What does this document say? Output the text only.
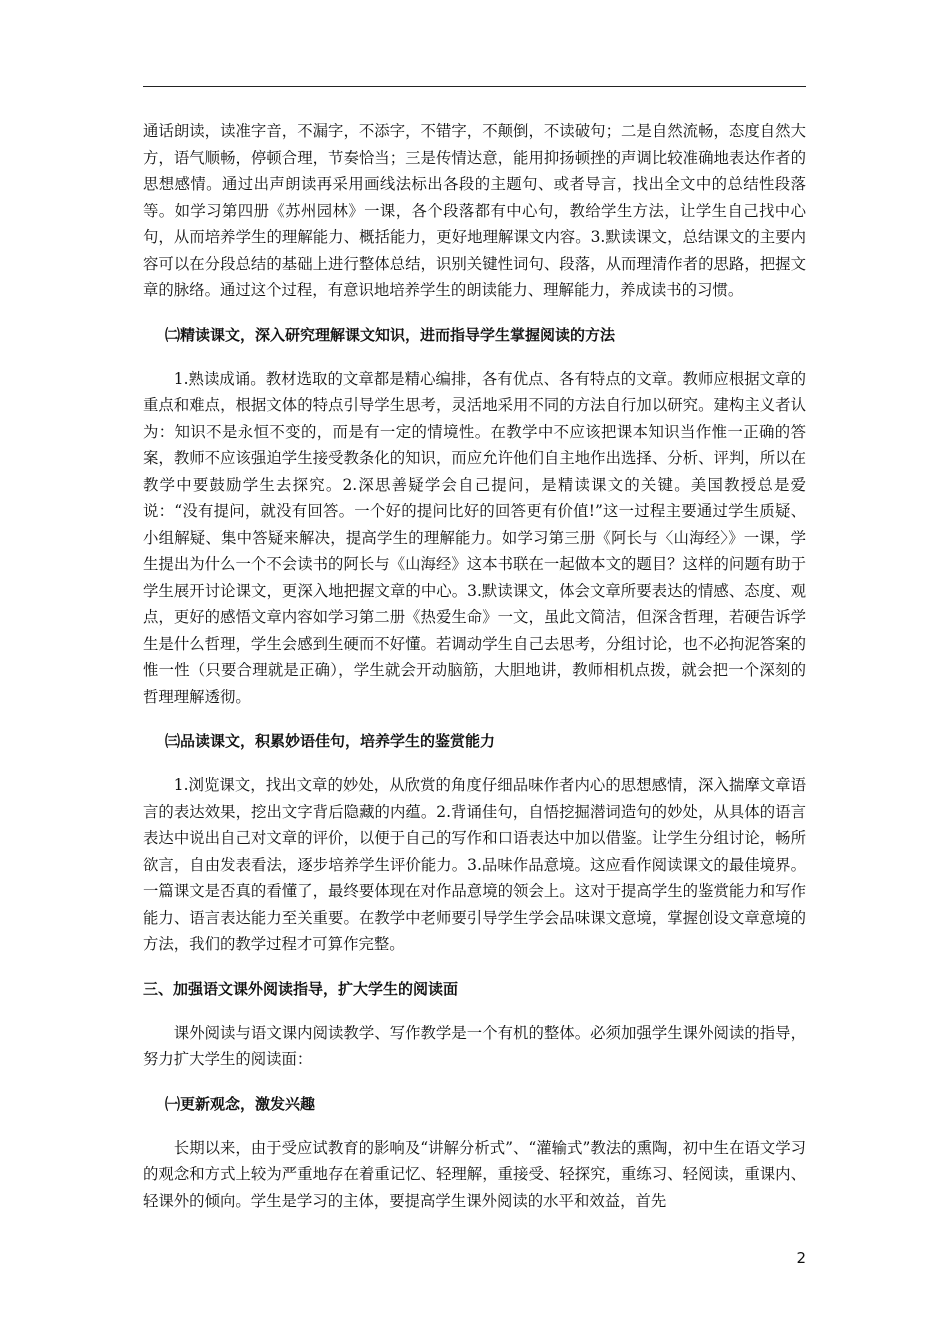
通话朗读，读准字音，不漏字，不添字，不错字，不颠倒，不读破句；二是自然流畅，态度自然大方，语气顺畅，停顿合理，节奏恰当；三是传情达意，能用抑扬顿挫的声调比较准确地表达作者的思想感情。通过出声朗读再采用画线法标出各段的主题句、或者导言，找出全文中的总结性段落等。如学习第四册《苏州园林》一课，各个段落都有中心句，教给学生方法，让学生自己找中心句，从而培养学生的理解能力、概括能力，更好地理解课文内容。3.默读课文，总结课文的主要内容可以在分段总结的基础上进行整体总结，识别关键性词句、段落，从而理清作者的思路，把握文章的脉络。通过这个过程，有意识地培养学生的朗读能力、理解能力，养成读书的习惯。

㈡精读课文，深入研究理解课文知识，进而指导学生掌握阅读的方法

1.熟读成诵。教材选取的文章都是精心编排，各有优点、各有特点的文章。教师应根据文章的重点和难点，根据文体的特点引导学生思考，灵活地采用不同的方法自行加以研究。建构主义者认为：知识不是永恒不变的，而是有一定的情境性。在教学中不应该把课本知识当作惟一正确的答案，教师不应该强迫学生接受教条化的知识，而应允许他们自主地作出选择、分析、评判，所以在教学中要鼓励学生去探究。2.深思善疑学会自己提问，是精读课文的关键。美国教授总是爱说：“没有提问，就没有回答。一个好的提问比好的回答更有价值!”这一过程主要通过学生质疑、小组解疑、集中答疑来解决，提高学生的理解能力。如学习第三册《阿长与〈山海经〉》一课，学生提出为什么一个不会读书的阿长与《山海经》这本书联在一起做本文的题目？这样的问题有助于学生展开讨论课文，更深入地把握文章的中心。3.默读课文，体会文章所要表达的情感、态度、观点，更好的感悟文章内容如学习第二册《热爱生命》一文，虽此文简洁，但深含哲理，若硬告诉学生是什么哲理，学生会感到生硬而不好懂。若调动学生自己去思考，分组讨论，也不必拘泥答案的惟一性（只要合理就是正确），学生就会开动脑筋，大胆地讲，教师相机点拨，就会把一个深刻的哲理理解透彻。

㈢品读课文，积累妙语佳句，培养学生的鉴赏能力

1.浏览课文，找出文章的妙处，从欣赏的角度仔细品味作者内心的思想感情，深入揣摩文章语言的表达效果，挖出文字背后隐藏的内蕴。2.背诵佳句，自悟挖掘潜词造句的妙处，从具体的语言表达中说出自己对文章的评价，以便于自己的写作和口语表达中加以借鉴。让学生分组讨论，畅所欲言，自由发表看法，逐步培养学生评价能力。3.品味作品意境。这应看作阅读课文的最佳境界。一篇课文是否真的看懂了，最终要体现在对作品意境的领会上。这对于提高学生的鉴赏能力和写作能力、语言表达能力至关重要。在教学中老师要引导学生学会品味课文意境，掌握创设文章意境的方法，我们的教学过程才可算作完整。

三、加强语文课外阅读指导，扩大学生的阅读面

课外阅读与语文课内阅读教学、写作教学是一个有机的整体。必须加强学生课外阅读的指导，努力扩大学生的阅读面：

㈠更新观念，激发兴趣

长期以来，由于受应试教育的影响及“讲解分析式”、“灌输式”教法的熏陶，初中生在语文学习的观念和方式上较为严重地存在着重记忆、轻理解，重接受、轻探究，重练习、轻阅读，重课内、轻课外的倾向。学生是学习的主体，要提高学生课外阅读的水平和效益，首先

2
